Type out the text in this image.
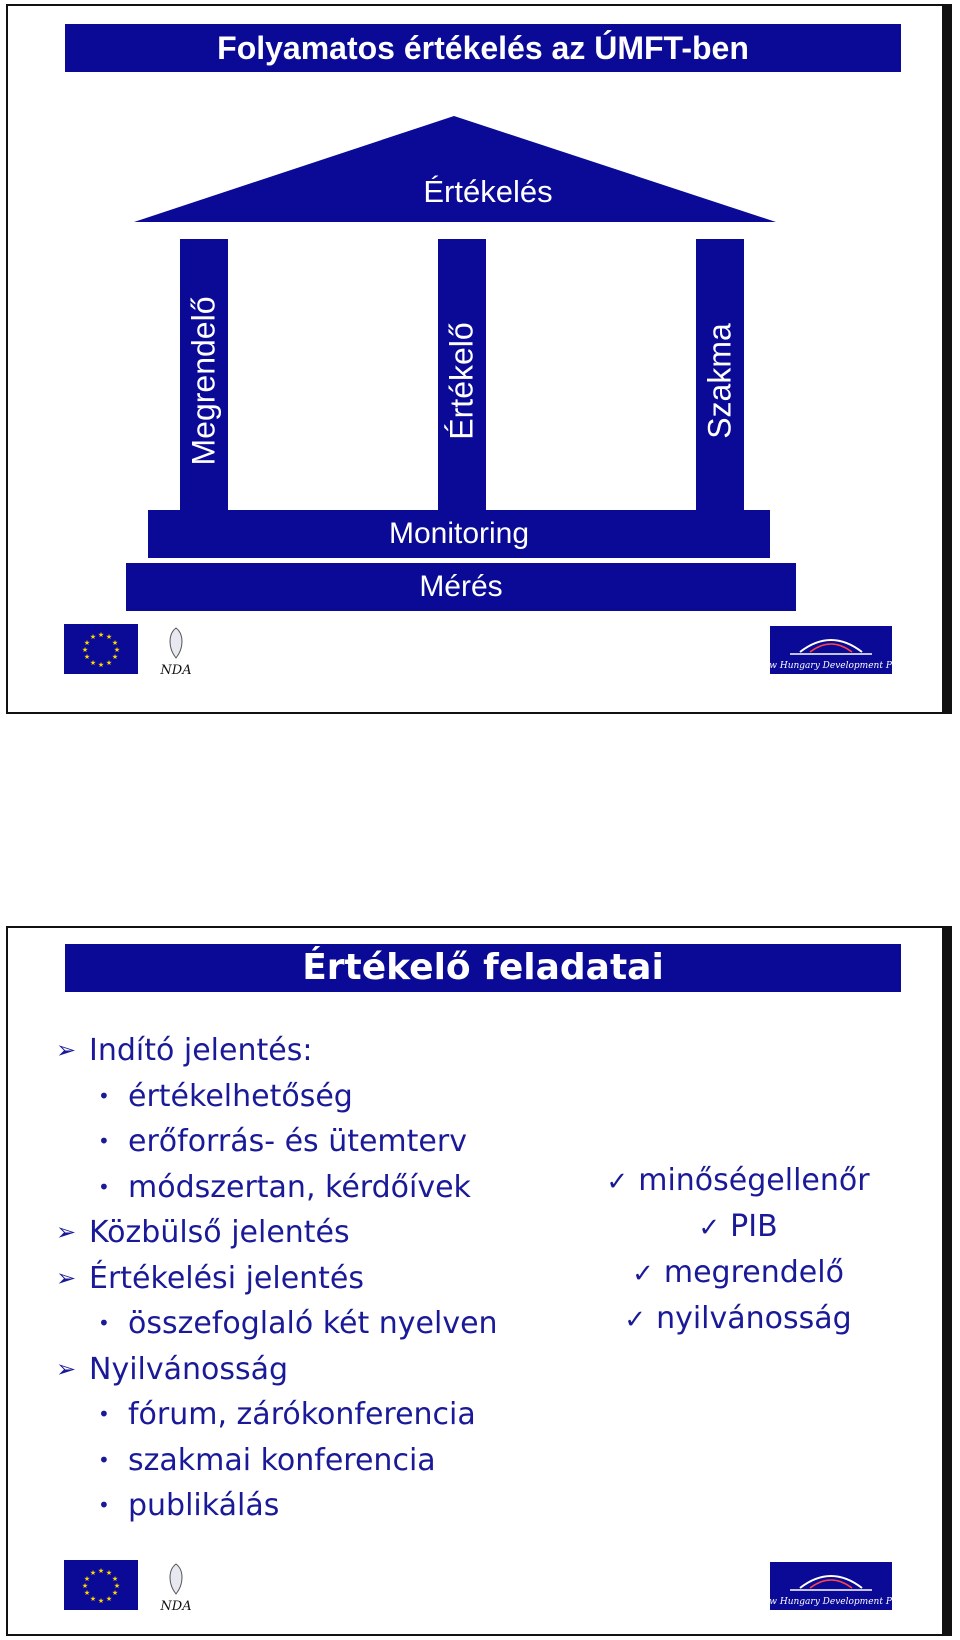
Folyamatos értékelés az ÚMFT-ben
Értékelés
Megrendelő	Értékelő	Szakma
Monitoring
Mérés
★ ★
★
★
★
★
★
★
★
★
★
★
NDA	New Hungary Development Plan
Értékelő feladatai
➢ Indító jelentés:
• értékelhetőség
• erőforrás- és ütemterv
• módszertan, kérdőívek
➢ Közbülső jelentés
➢ Értékelési jelentés
• összefoglaló két nyelven
➢ Nyilvánosság
• fórum, zárókonferencia
• szakmai konferencia
• publikálás
✓ minőségellenőr
✓ PIB
✓ megrendelő
✓ nyilvánosság
★ ★
★
★
★
★
★
★
★
★
★
★
NDA	New Hungary Development Plan
